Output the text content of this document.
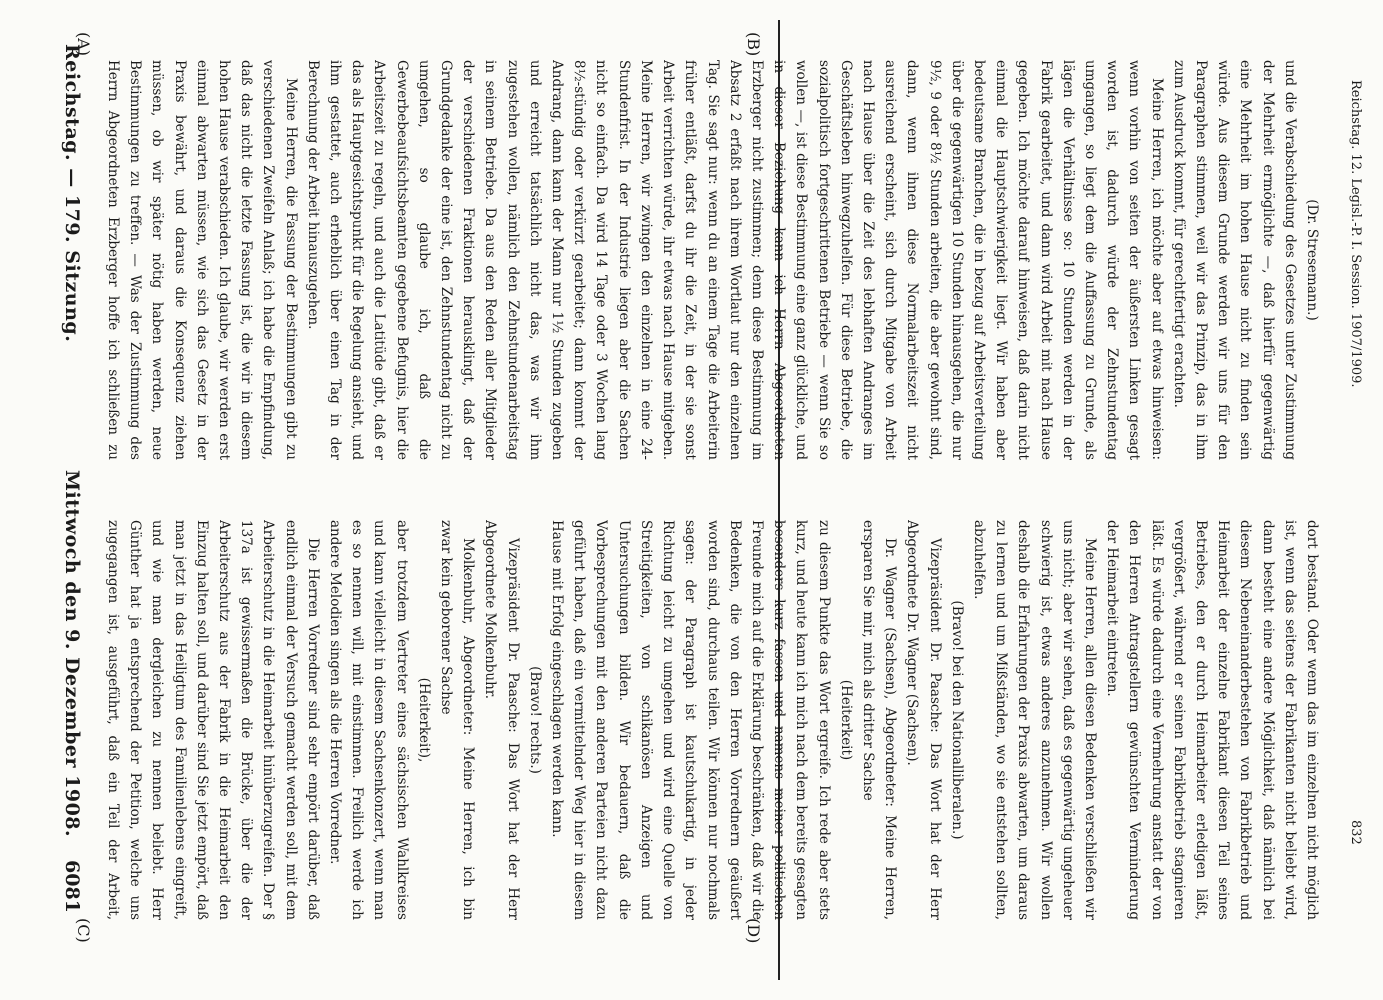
Reichstag. — 179. Sitzung.
Mittwoch den 9. Dezember 1908.
6081
(A)	(B)
(C)	(D)

(Dr. Stresemann.)

und die Verabschiedung des Gesetzes unter Zustimmung der Mehrheit ermöglichte —, daß hierfür gegenwärtig eine Mehrheit im hohen Hause nicht zu finden sein würde. Aus diesem Grunde werden wir uns für den Paragraphen stimmen, weil wir das Prinzip, das in ihm zum Ausdruck kommt, für gerechtfertigt erachten.

Meine Herren, ich möchte aber auf etwas hinweisen: wenn vorhin von seiten der äußersten Linken gesagt worden ist, dadurch würde der Zehnstundentag umgangen, so liegt dem die Auffassung zu Grunde, als lägen die Verhältnisse so: 10 Stunden werden in der Fabrik gearbeitet, und dann wird Arbeit mit nach Hause gegeben. Ich möchte darauf hinweisen, daß darin nicht einmal die Hauptschwierigkeit liegt. Wir haben aber bedeutsame Branchen, die in bezug auf Arbeitsverteilung über die gegenwärtigen 10 Stunden hinausgehen, die nur 9½, 9 oder 8½ Stunden arbeiten, die aber gewohnt sind, dann, wenn ihnen diese Normalarbeitszeit nicht ausreichend erscheint, sich durch Mitgabe von Arbeit nach Hause über die Zeit des lebhaften Andranges im Geschäftsleben hinwegzuhelfen. Für diese Betriebe, die sozialpolitisch fortgeschrittenen Betriebe — wenn Sie so wollen —, ist diese Bestimmung eine ganz glückliche, und in dieser Beziehung kann ich Herrn Abgeordneten Erzberger nicht zustimmen; denn diese Bestimmung im Absatz 2 erfaßt nach ihrem Wortlaut nur den einzelnen Tag. Sie sagt nur: wenn du an einem Tage die Arbeiterin früher entläßt, darfst du ihr die Zeit, in der sie sonst Arbeit verrichten würde, ihr etwas nach Hause mitgeben. Meine Herren, wir zwingen den einzelnen in eine 24-Stundenfrist. In der Industrie liegen aber die Sachen nicht so einfach. Da wird 14 Tage oder 3 Wochen lang 8½-stündig oder verkürzt gearbeitet; dann kommt der Andrang, dann kann der Mann nur 1½ Stunden zugeben und erreicht tatsächlich nicht das, was wir ihm zugestehen wollen, nämlich den Zehnstundenarbeitstag in seinem Betriebe. Da aus den Reden aller Mitglieder der verschiedenen Fraktionen herausklingt, daß der Grundgedanke der eine ist, den Zehnstundentag nicht zu umgehen, so glaube ich, daß die Gewerbebeaufsichtsbeamten gegebene Befugnis, hier die Arbeitszeit zu regeln, und auch die Latitüde gibt, daß er das als Hauptgesichtspunkt für die Regelung ansieht, und ihm gestattet, auch erheblich über einen Tag in der Berechnung der Arbeit hinauszugehen.

Meine Herren, die Fassung der Bestimmungen gibt zu verschiedenen Zweifeln Anlaß; ich habe die Empfindung, daß das nicht die letzte Fassung ist, die wir in diesem hohen Hause verabschieden. Ich glaube, wir werden erst einmal abwarten müssen, wie sich das Gesetz in der Praxis bewährt, und daraus die Konsequenz ziehen müssen, ob wir später nötig haben werden, neue Bestimmungen zu treffen. — Was der Zustimmung des Herrn Abgeordneten Erzberger hoffe ich schließen zu

dort bestand. Oder wenn das im einzelnen nicht möglich ist, wenn das seitens der Fabrikanten nicht beliebt wird, dann besteht eine andere Möglichkeit, daß nämlich bei diesem Nebeneinanderbestehen von Fabrikbetrieb und Heimarbeit der einzelne Fabrikant diesen Teil seines Betriebes, den er durch Heimarbeiter erledigen läßt, vergrößert, während er seinen Fabrikbetrieb stagnieren läßt. Es würde dadurch eine Vermehrung anstatt der von den Herren Antragstellern gewünschten Verminderung der Heimarbeit eintreten.

Meine Herren, allen diesen Bedenken verschließen wir uns nicht; aber wir sehen, daß es gegenwärtig ungeheuer schwierig ist, etwas anderes anzunehmen. Wir wollen deshalb die Erfahrungen der Praxis abwarten, um daraus zu lernen und um Mißständen, wo sie entstehen sollten, abzuhelfen.

(Bravo! bei den Nationalliberalen.)

Vizepräsident Dr. Paasche: Das Wort hat der Herr Abgeordnete Dr. Wagner (Sachsen).

Dr. Wagner (Sachsen), Abgeordneter: Meine Herren, ersparen Sie mir, mich als dritter Sachse

(Heiterkeit)

zu diesem Punkte das Wort ergreife. Ich rede aber stets kurz, und heute kann ich mich nach dem bereits gesagten besonders kurz fassen und namens meiner politischen Freunde mich auf die Erklärung beschränken, daß wir die Bedenken, die von den Herren Vorrednern geäußert worden sind, durchaus teilen. Wir können nur nochmals sagen: der Paragraph ist kautschukartig, in jeder Richtung leicht zu umgehen und wird eine Quelle von Streitigkeiten, von schikanösen Anzeigen und Untersuchungen bilden. Wir bedauern, daß die Vorbesprechungen mit den anderen Parteien nicht dazu geführt haben, daß ein vermittelnder Weg hier in diesem Hause mit Erfolg eingeschlagen werden kann.

(Bravo! rechts.)

Vizepräsident Dr. Paasche: Das Wort hat der Herr Abgeordnete Molkenbuhr.

Molkenbuhr, Abgeordneter: Meine Herren, ich bin zwar kein geborener Sachse

(Heiterkeit),

aber trotzdem Vertreter eines sächsischen Wahlkreises und kann vielleicht in diesem Sachsenkonzert, wenn man es so nennen will, mit einstimmen. Freilich werde ich andere Melodien singen als die Herren Vorredner.

Die Herren Vorredner sind sehr empört darüber, daß endlich einmal der Versuch gemacht werden soll, mit dem Arbeiterschutz in die Heimarbeit hinüberzugreifen. Der § 137a ist gewissermaßen die Brücke, über die der Arbeiterschutz aus der Fabrik in die Heimarbeit den Einzug halten soll, und darüber sind Sie jetzt empört, daß man jetzt in das Heiligtum des Familienlebens eingreift, und wie man dergleichen zu nennen beliebt. Herr Günther hat ja entsprechend der Petition, welche uns zugegangen ist, ausgeführt, daß ein Teil der Arbeit,

Reichstag. 12. Legisl.-P. I. Session. 1907/1909.
832
